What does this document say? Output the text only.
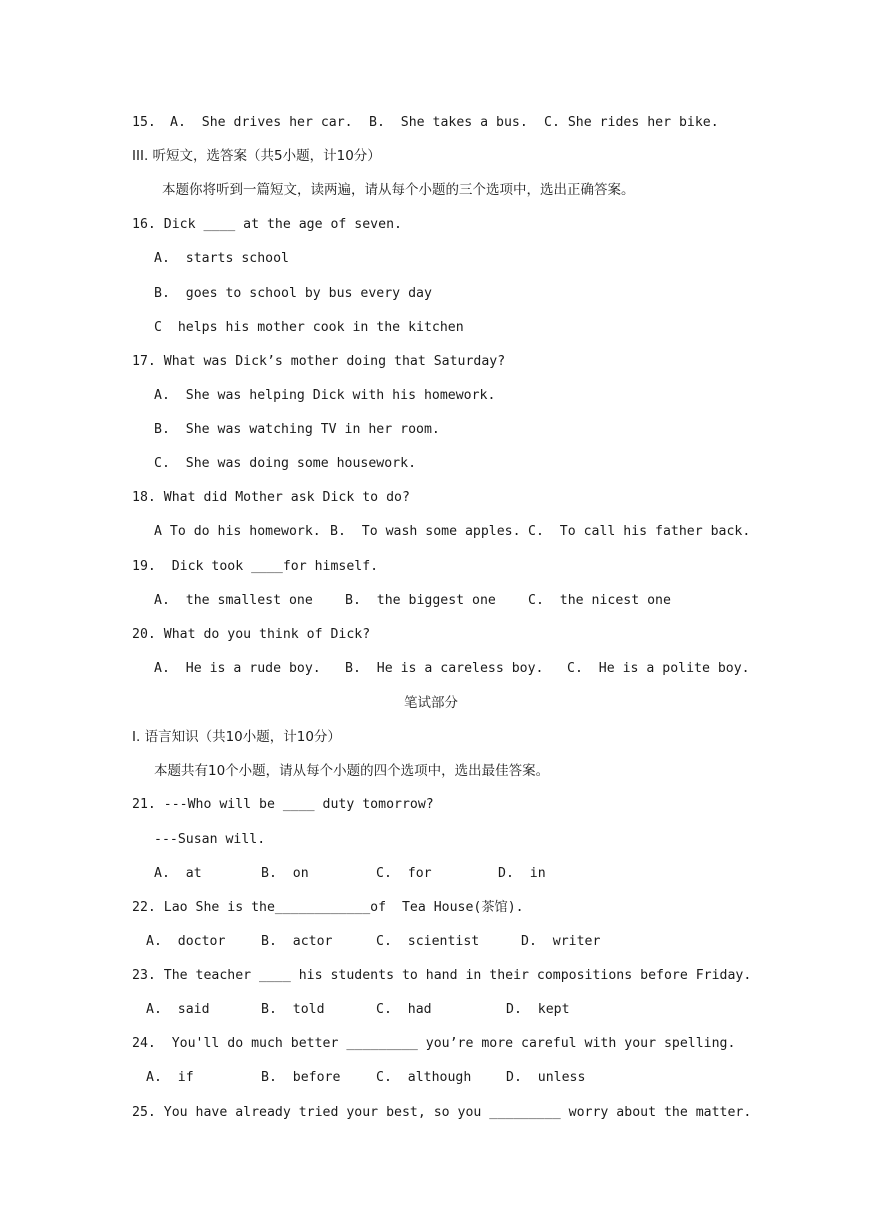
15. A.  She drives her car. B.  She takes a bus. C. She rides her bike.
III. 听短文，选答案（共5小题，计10分）
本题你将听到一篇短文，读两遍，请从每个小题的三个选项中，选出正确答案。
16. Dick ____ at the age of seven.
A.  starts school
B.  goes to school by bus every day
C  helps his mother cook in the kitchen
17. What was Dick’s mother doing that Saturday?
A.  She was helping Dick with his homework.
B.  She was watching TV in her room.
C.  She was doing some housework.
18. What did Mother ask Dick to do?
A To do his homework. B.  To wash some apples. C.  To call his father back.
19.  Dick took ____for himself.
A.  the smallest one B.  the biggest one C.  the nicest one
20. What do you think of Dick?
A.  He is a rude boy. B.  He is a careless boy. C.  He is a polite boy.
笔试部分
I. 语言知识（共10小题，计10分）
本题共有10个小题，请从每个小题的四个选项中，选出最佳答案。
21. ---Who will be ____ duty tomorrow?
---Susan will.
A.  at	B.  on	C.  for	D.  in
22. Lao She is the____________of  Tea House(茶馆).
A.  doctor	B.  actor	C.  scientist	D.  writer
23. The teacher ____ his students to hand in their compositions before Friday.
A.  said	B.  told	C.  had	D.  kept
24.  You'll do much better _________ you’re more careful with your spelling.
A.  if	B.  before	C.  although	D.  unless
25. You have already tried your best, so you _________ worry about the matter.
